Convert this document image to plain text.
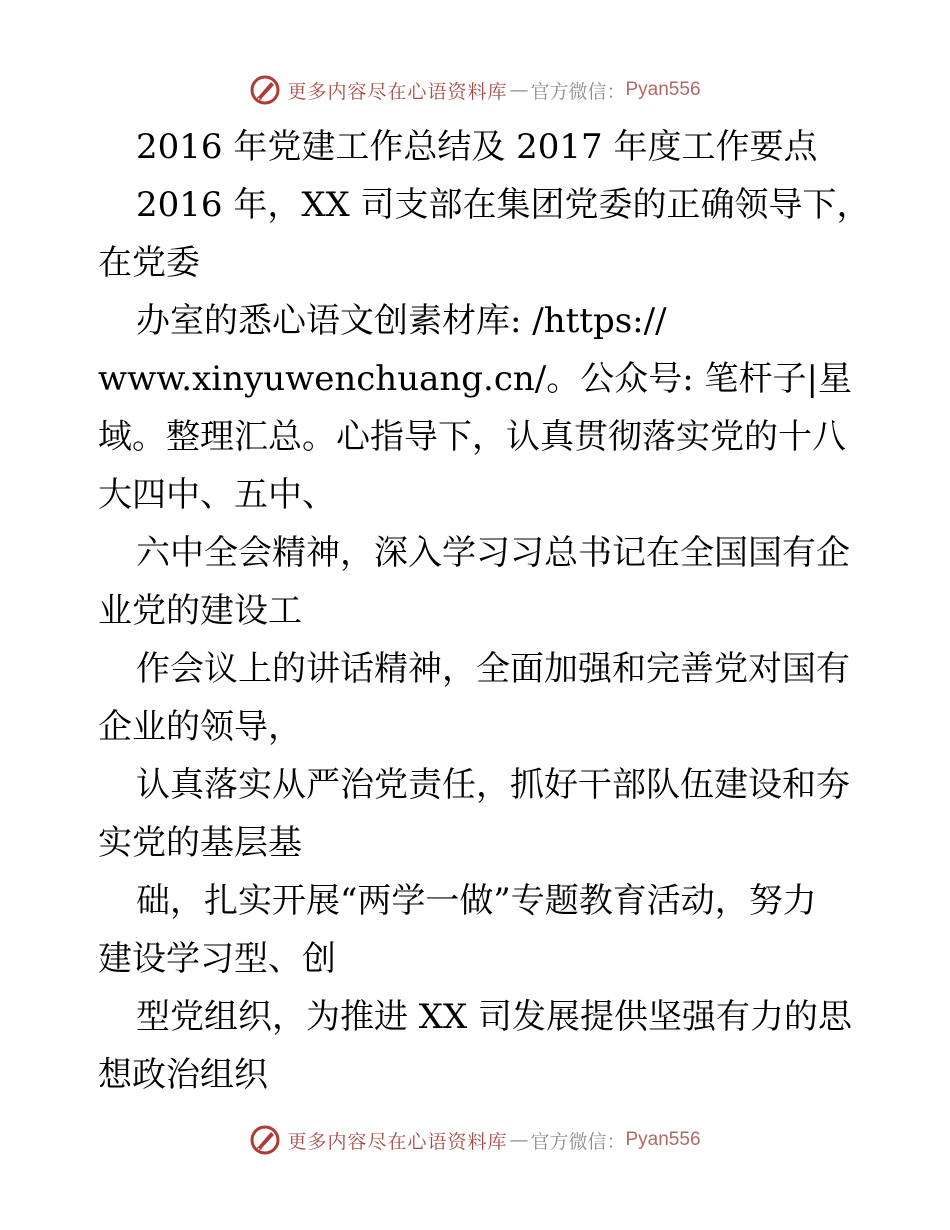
更多内容尽在心语资料库 — 官方微信： Pyan556

2016 年党建工作总结及 2017 年度工作要点

2016 年，XX 司支部在集团党委的正确领导下，

在党委

办室的悉心语文创素材库: /https://

www.xinyuwenchuang.cn/。公众号: 笔杆子|星

域。整理汇总。心指导下，认真贯彻落实党的十八

大四中、五中、

六中全会精神，深入学习习总书记在全国国有企

业党的建设工

作会议上的讲话精神，全面加强和完善党对国有

企业的领导，

认真落实从严治党责任，抓好干部队伍建设和夯

实党的基层基

础，扎实开展“两学一做”专题教育活动，努力

建设学习型、创

型党组织，为推进 XX 司发展提供坚强有力的思

想政治组织

更多内容尽在心语资料库 — 官方微信： Pyan556
